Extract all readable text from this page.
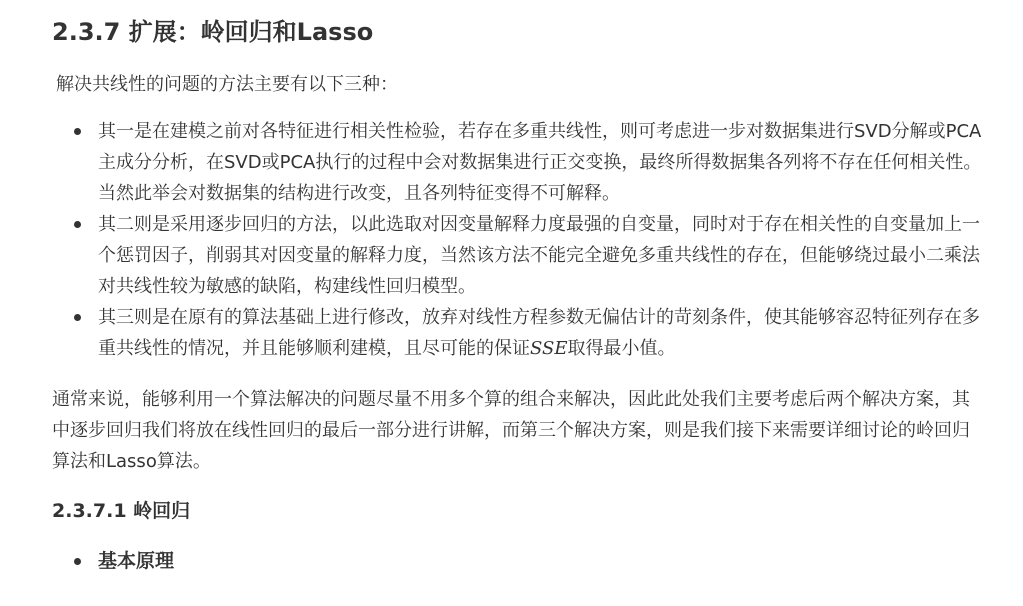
2.3.7 扩展：岭回归和Lasso
解决共线性的问题的方法主要有以下三种：
其一是在建模之前对各特征进行相关性检验，若存在多重共线性，则可考虑进一步对数据集进行SVD分解或PCA主成分分析，在SVD或PCA执行的过程中会对数据集进行正交变换，最终所得数据集各列将不存在任何相关性。当然此举会对数据集的结构进行改变，且各列特征变得不可解释。
其二则是采用逐步回归的方法，以此选取对因变量解释力度最强的自变量，同时对于存在相关性的自变量加上一个惩罚因子，削弱其对因变量的解释力度，当然该方法不能完全避免多重共线性的存在，但能够绕过最小二乘法对共线性较为敏感的缺陷，构建线性回归模型。
其三则是在原有的算法基础上进行修改，放弃对线性方程参数无偏估计的苛刻条件，使其能够容忍特征列存在多重共线性的情况，并且能够顺利建模，且尽可能的保证SSE取得最小值。
通常来说，能够利用一个算法解决的问题尽量不用多个算的组合来解决，因此此处我们主要考虑后两个解决方案，其中逐步回归我们将放在线性回归的最后一部分进行讲解，而第三个解决方案，则是我们接下来需要详细讨论的岭回归算法和Lasso算法。
2.3.7.1 岭回归
基本原理
